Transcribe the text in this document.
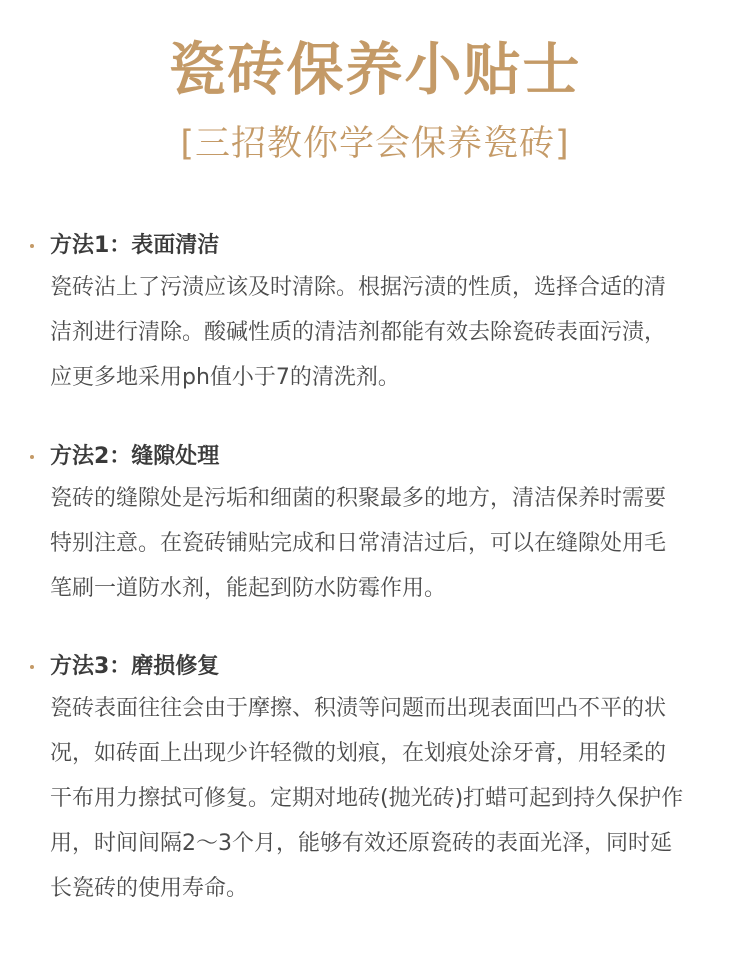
瓷砖保养小贴士
[三招教你学会保养瓷砖]
方法1：表面清洁

瓷砖沾上了污渍应该及时清除。根据污渍的性质，选择合适的清
洁剂进行清除。酸碱性质的清洁剂都能有效去除瓷砖表面污渍，
应更多地采用ph值小于7的清洗剂。

方法2：缝隙处理

瓷砖的缝隙处是污垢和细菌的积聚最多的地方，清洁保养时需要
特别注意。在瓷砖铺贴完成和日常清洁过后，可以在缝隙处用毛
笔刷一道防水剂，能起到防水防霉作用。

方法3：磨损修复

瓷砖表面往往会由于摩擦、积渍等问题而出现表面凹凸不平的状
况，如砖面上出现少许轻微的划痕，在划痕处涂牙膏，用轻柔的
干布用力擦拭可修复。定期对地砖(抛光砖)打蜡可起到持久保护作
用，时间间隔2～3个月，能够有效还原瓷砖的表面光泽，同时延
长瓷砖的使用寿命。
